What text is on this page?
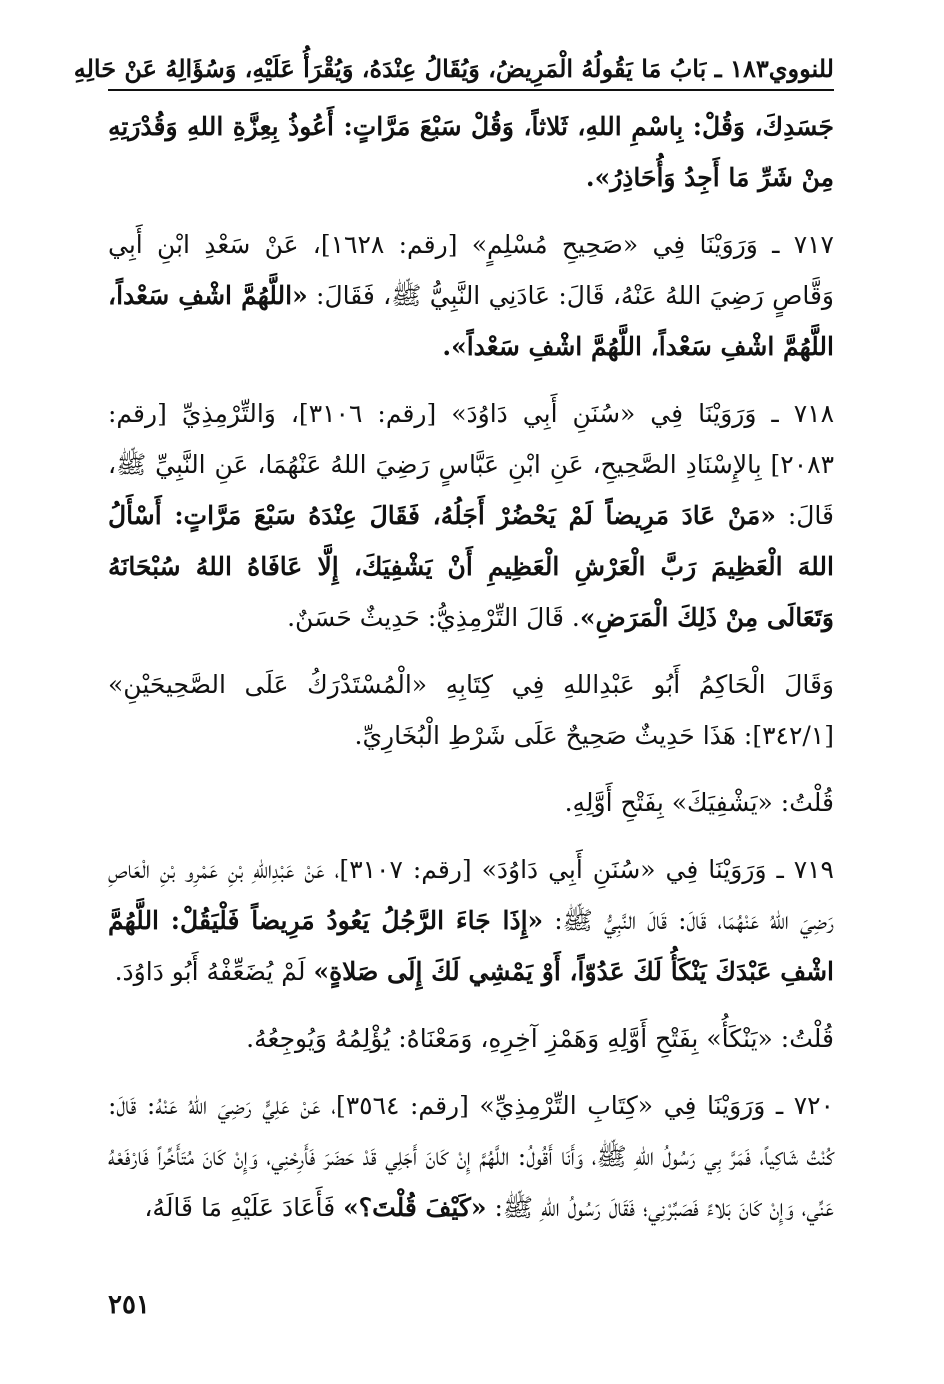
للنووي
١٨٣ ـ بَابُ مَا يَقُولُهُ الْمَرِيضُ، وَيُقَالُ عِنْدَهُ، وَيُقْرَأُ عَلَيْهِ، وَسُؤَالِهُ عَنْ حَالِهِ

جَسَدِكَ، وَقُلْ: بِاسْمِ اللهِ، ثَلاثاً، وَقُلْ سَبْعَ مَرَّاتٍ: أَعُوذُ بِعِزَّةِ اللهِ وَقُدْرَتِهِ مِنْ شَرِّ مَا أَجِدُ وَأُحَاذِرُ».

٧١٧ ـ وَرَوَيْنَا فِي «صَحِيحِ مُسْلِمٍ» [رقم: ١٦٢٨]، عَنْ سَعْدِ ابْنِ أَبِي وَقَّاصٍ رَضِيَ اللهُ عَنْهُ، قَالَ: عَادَنِي النَّبِيُّ ﷺ، فَقَالَ: «اللَّهُمَّ اشْفِ سَعْداً، اللَّهُمَّ اشْفِ سَعْداً، اللَّهُمَّ اشْفِ سَعْداً».

٧١٨ ـ وَرَوَيْنَا فِي «سُنَنِ أَبِي دَاوُدَ» [رقم: ٣١٠٦]، وَالتِّرْمِذِيِّ [رقم: ٢٠٨٣] بِالإِسْنَادِ الصَّحِيحِ، عَنِ ابْنِ عَبَّاسٍ رَضِيَ اللهُ عَنْهُمَا، عَنِ النَّبِيِّ ﷺ، قَالَ: «مَنْ عَادَ مَرِيضاً لَمْ يَحْضُرْ أَجَلُهُ، فَقَالَ عِنْدَهُ سَبْعَ مَرَّاتٍ: أَسْأَلُ اللهَ الْعَظِيمَ رَبَّ الْعَرْشِ الْعَظِيمِ أَنْ يَشْفِيَكَ، إِلَّا عَافَاهُ اللهُ سُبْحَانَهُ وَتَعَالَى مِنْ ذَلِكَ الْمَرَضِ». قَالَ التِّرْمِذِيُّ: حَدِيثٌ حَسَنٌ.

وَقَالَ الْحَاكِمُ أَبُو عَبْدِاللهِ فِي كِتَابِهِ «الْمُسْتَدْرَكُ عَلَى الصَّحِيحَيْنِ» [٣٤٢/١]: هَذَا حَدِيثٌ صَحِيحٌ عَلَى شَرْطِ الْبُخَارِيِّ.

قُلْتُ: «يَشْفِيَكَ» بِفَتْحِ أَوَّلِهِ.

٧١٩ ـ وَرَوَيْنَا فِي «سُنَنِ أَبِي دَاوُدَ» [رقم: ٣١٠٧]، عَنْ عَبْدِاللهِ بْنِ عَمْرِو بْنِ الْعَاصِ رَضِيَ اللهُ عَنْهُمَا، قَالَ: قَالَ النَّبِيُّ ﷺ: «إِذَا جَاءَ الرَّجُلُ يَعُودُ مَرِيضاً فَلْيَقُلْ: اللَّهُمَّ اشْفِ عَبْدَكَ يَنْكَأُ لَكَ عَدُوّاً، أَوْ يَمْشِي لَكَ إِلَى صَلاةٍ» لَمْ يُضَعِّفْهُ أَبُو دَاوُدَ.

قُلْتُ: «يَنْكَأُ» بِفَتْحِ أَوَّلِهِ وَهَمْزِ آخِرِهِ، وَمَعْنَاهُ: يُؤْلِمُهُ وَيُوجِعُهُ.

٧٢٠ ـ وَرَوَيْنَا فِي «كِتَابِ التِّرْمِذِيِّ» [رقم: ٣٥٦٤]، عَنْ عَلِيٍّ رَضِيَ اللهُ عَنْهُ: قَالَ: كُنْتُ شَاكِياً، فَمَرَّ بِي رَسُولُ اللهِ ﷺ، وَأَنَا أَقُولُ: اللَّهُمَّ إِنْ كَانَ أَجَلِي قَدْ حَضَرَ فَأَرِحْنِي، وَإِنْ كَانَ مُتَأَخِّراً فَارْفَعْهُ عَنِّي، وَإِنْ كَانَ بَلاءً فَصَبِّرْنِي؛ فَقَالَ رَسُولُ اللهِ ﷺ: «كَيْفَ قُلْتَ؟» فَأَعَادَ عَلَيْهِ مَا قَالَهُ،

٢٥١
